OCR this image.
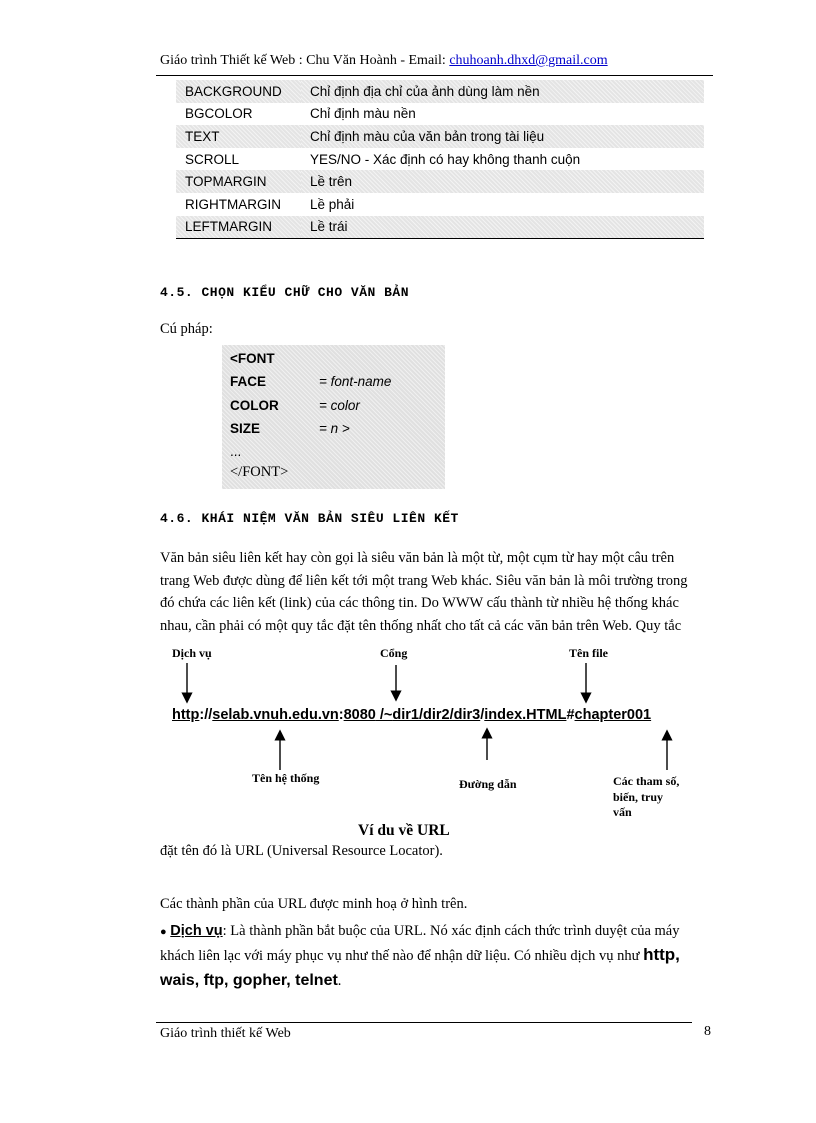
Giáo trình Thiết kế Web : Chu Văn Hoành - Email: chuhoanh.dhxd@gmail.com
BACKGROUND	Chỉ định địa chỉ của ảnh dùng làm nền
BGCOLOR	Chỉ định màu nền
TEXT	Chỉ định màu của văn bản trong tài liệu
SCROLL	YES/NO - Xác định có hay không thanh cuộn
TOPMARGIN	Lề trên
RIGHTMARGIN	Lề phải
LEFTMARGIN	Lề trái
4.5. CHỌN KIỂU CHỮ CHO VĂN BẢN
Cú pháp:
<FONT
FACE	= font-name
COLOR	= color
SIZE	= n >
...
</FONT>
4.6. KHÁI NIỆM VĂN BẢN SIÊU LIÊN KẾT
Văn bản siêu liên kết hay còn gọi là siêu văn bản là một từ, một cụm từ hay một câu trên
trang Web được dùng để liên kết tới một trang Web khác. Siêu văn bản là môi trường trong
đó chứa các liên kết (link) của các thông tin. Do WWW cấu thành từ nhiều hệ thống khác
nhau, cần phải có một quy tắc đặt tên thống nhất cho tất cả các văn bản trên Web. Quy tắc
Dịch vụ	Cổng	Tên file
http://selab.vnuh.edu.vn:8080 /~dir1/dir2/dir3/index.HTML#chapter001
Tên hệ thống	Đường dẫn	Các tham số,
biến, truy
vấn
Ví du về URL
đặt tên đó là URL (Universal Resource Locator).
Các thành phần của URL được minh hoạ ở hình trên.
● Dịch vụ: Là thành phần bắt buộc của URL. Nó xác định cách thức trình duyệt của máy
khách liên lạc với máy phục vụ như thế nào để nhận dữ liệu. Có nhiều dịch vụ như http,
wais, ftp, gopher, telnet.
Giáo trình thiết kế Web	8
